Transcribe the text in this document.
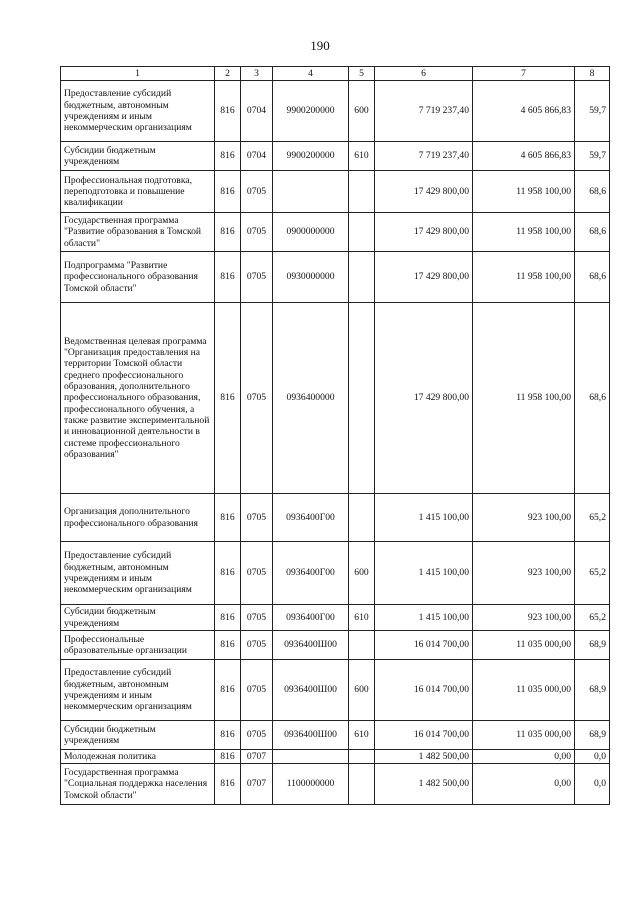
190
1	2	3	4	5	6	7	8
Предоставление субсидий бюджетным, автономным учреждениям и иным некоммерческим организациям	816	0704	9900200000	600	7 719 237,40	4 605 866,83	59,7
Субсидии бюджетным учреждениям	816	0704	9900200000	610	7 719 237,40	4 605 866,83	59,7
Профессиональная подготовка, переподготовка и повышение квалификации	816	0705			17 429 800,00	11 958 100,00	68,6
Государственная программа "Развитие образования в Томской области"	816	0705	0900000000		17 429 800,00	11 958 100,00	68,6
Подпрограмма "Развитие профессионального образования Томской области"	816	0705	0930000000		17 429 800,00	11 958 100,00	68,6
Ведомственная целевая программа "Организация предоставления на территории Томской области среднего профессионального образования, дополнительного профессионального образования, профессионального обучения, а также развитие экспериментальной и инновационной деятельности в системе профессионального образования"	816	0705	0936400000		17 429 800,00	11 958 100,00	68,6
Организация дополнительного профессионального образования	816	0705	0936400Г00		1 415 100,00	923 100,00	65,2
Предоставление субсидий бюджетным, автономным учреждениям и иным некоммерческим организациям	816	0705	0936400Г00	600	1 415 100,00	923 100,00	65,2
Субсидии бюджетным учреждениям	816	0705	0936400Г00	610	1 415 100,00	923 100,00	65,2
Профессиональные образовательные организации	816	0705	0936400Ш00		16 014 700,00	11 035 000,00	68,9
Предоставление субсидий бюджетным, автономным учреждениям и иным некоммерческим организациям	816	0705	0936400Ш00	600	16 014 700,00	11 035 000,00	68,9
Субсидии бюджетным учреждениям	816	0705	0936400Ш00	610	16 014 700,00	11 035 000,00	68,9
Молодежная политика	816	0707			1 482 500,00	0,00	0,0
Государственная программа "Социальная поддержка населения Томской области"	816	0707	1100000000		1 482 500,00	0,00	0,0
